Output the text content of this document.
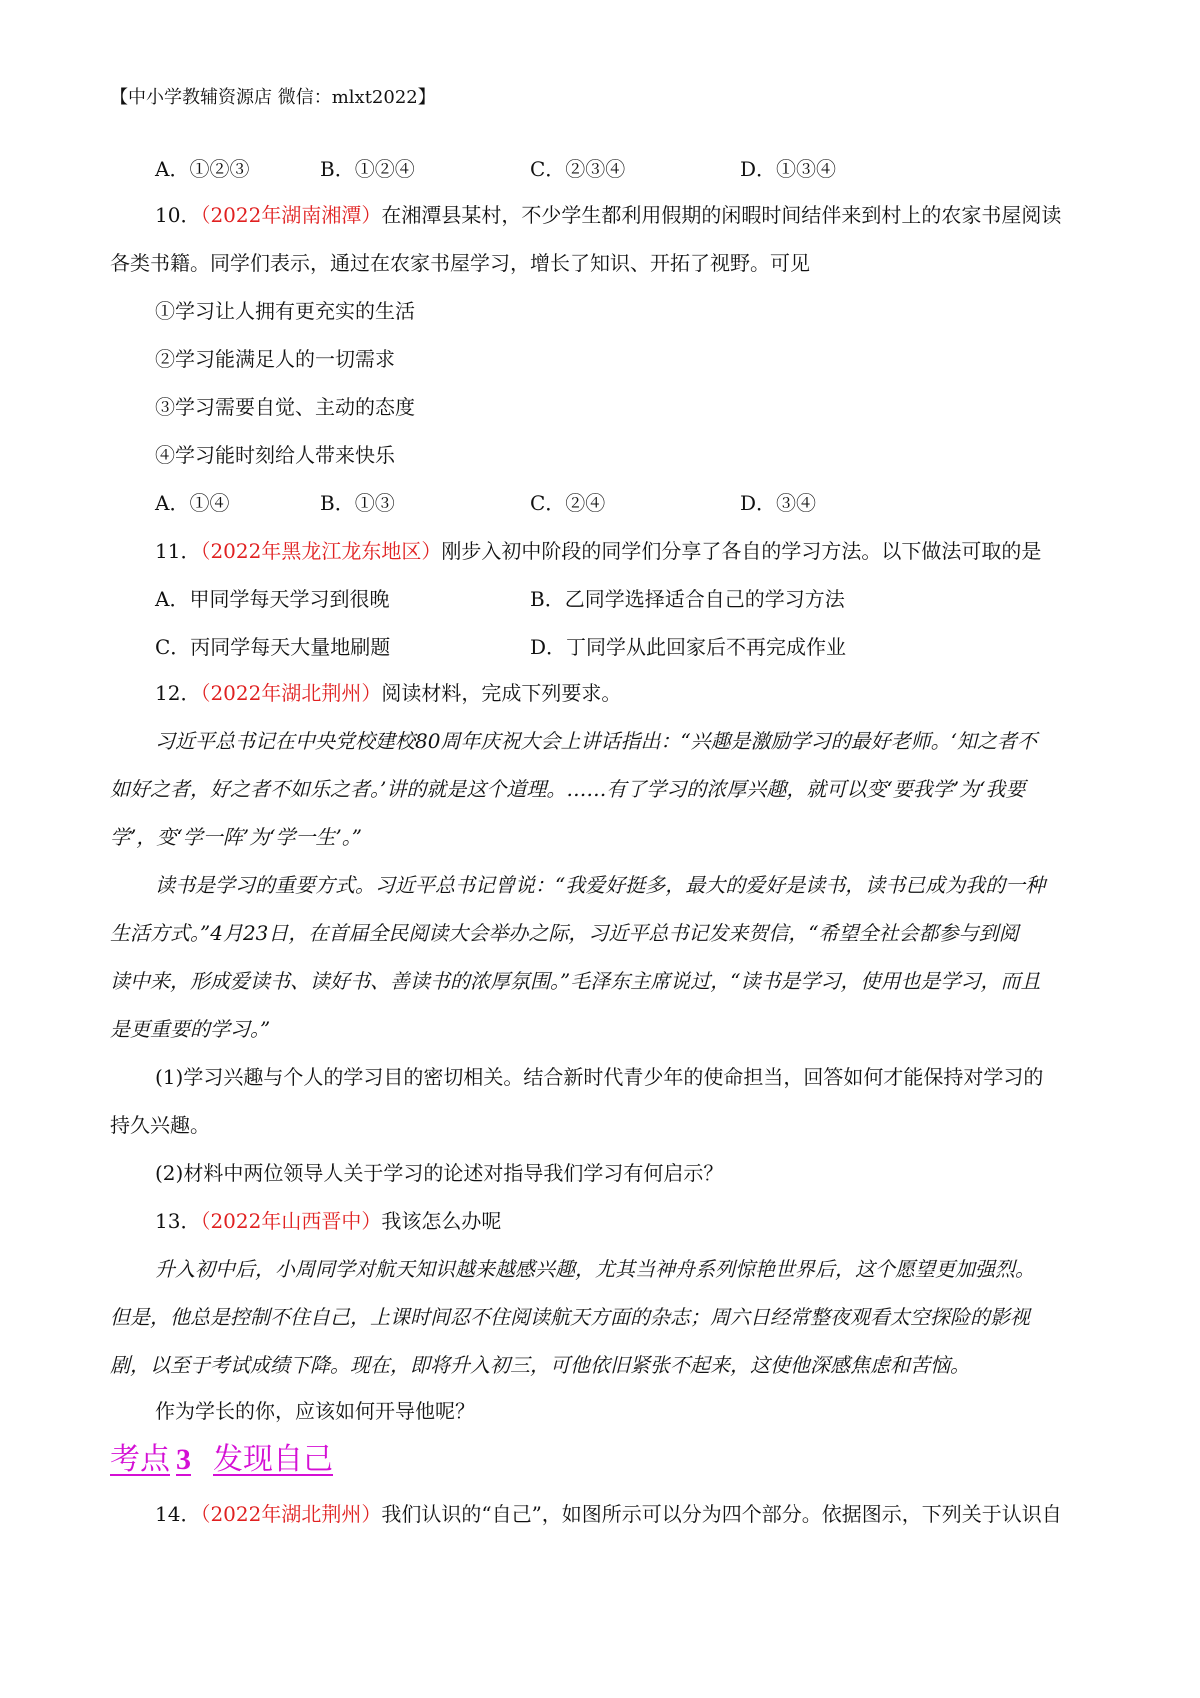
【中小学教辅资源店 微信：mlxt2022】
A．①②③	B．①②④	C．②③④	D．①③④
10．（2022年湖南湘潭）在湘潭县某村，不少学生都利用假期的闲暇时间结伴来到村上的农家书屋阅读
各类书籍。同学们表示，通过在农家书屋学习，增长了知识、开拓了视野。可见
①学习让人拥有更充实的生活
②学习能满足人的一切需求
③学习需要自觉、主动的态度
④学习能时刻给人带来快乐
A．①④	B．①③	C．②④	D．③④
11．（2022年黑龙江龙东地区）刚步入初中阶段的同学们分享了各自的学习方法。以下做法可取的是
A．甲同学每天学习到很晚	B．乙同学选择适合自己的学习方法
C．丙同学每天大量地刷题	D．丁同学从此回家后不再完成作业
12．（2022年湖北荆州）阅读材料，完成下列要求。
习近平总书记在中央党校建校80周年庆祝大会上讲话指出：“兴趣是激励学习的最好老师。‘知之者不
如好之者，好之者不如乐之者。’讲的就是这个道理。……有了学习的浓厚兴趣，就可以变‘要我学’为‘我要
学’，变‘学一阵’为‘学一生’。”
读书是学习的重要方式。习近平总书记曾说：“我爱好挺多，最大的爱好是读书，读书已成为我的一种
生活方式。”4月23日，在首届全民阅读大会举办之际，习近平总书记发来贺信，“希望全社会都参与到阅
读中来，形成爱读书、读好书、善读书的浓厚氛围。”毛泽东主席说过，“读书是学习，使用也是学习，而且
是更重要的学习。”
(1)学习兴趣与个人的学习目的密切相关。结合新时代青少年的使命担当，回答如何才能保持对学习的
持久兴趣。
(2)材料中两位领导人关于学习的论述对指导我们学习有何启示？
13．（2022年山西晋中）我该怎么办呢
升入初中后，小周同学对航天知识越来越感兴趣，尤其当神舟系列惊艳世界后，这个愿望更加强烈。
但是，他总是控制不住自己，上课时间忍不住阅读航天方面的杂志；周六日经常整夜观看太空探险的影视
剧，以至于考试成绩下降。现在，即将升入初三，可他依旧紧张不起来，这使他深感焦虑和苦恼。
作为学长的你，应该如何开导他呢？
考点 3 发现自己
14．（2022年湖北荆州）我们认识的“自己”，如图所示可以分为四个部分。依据图示，下列关于认识自
